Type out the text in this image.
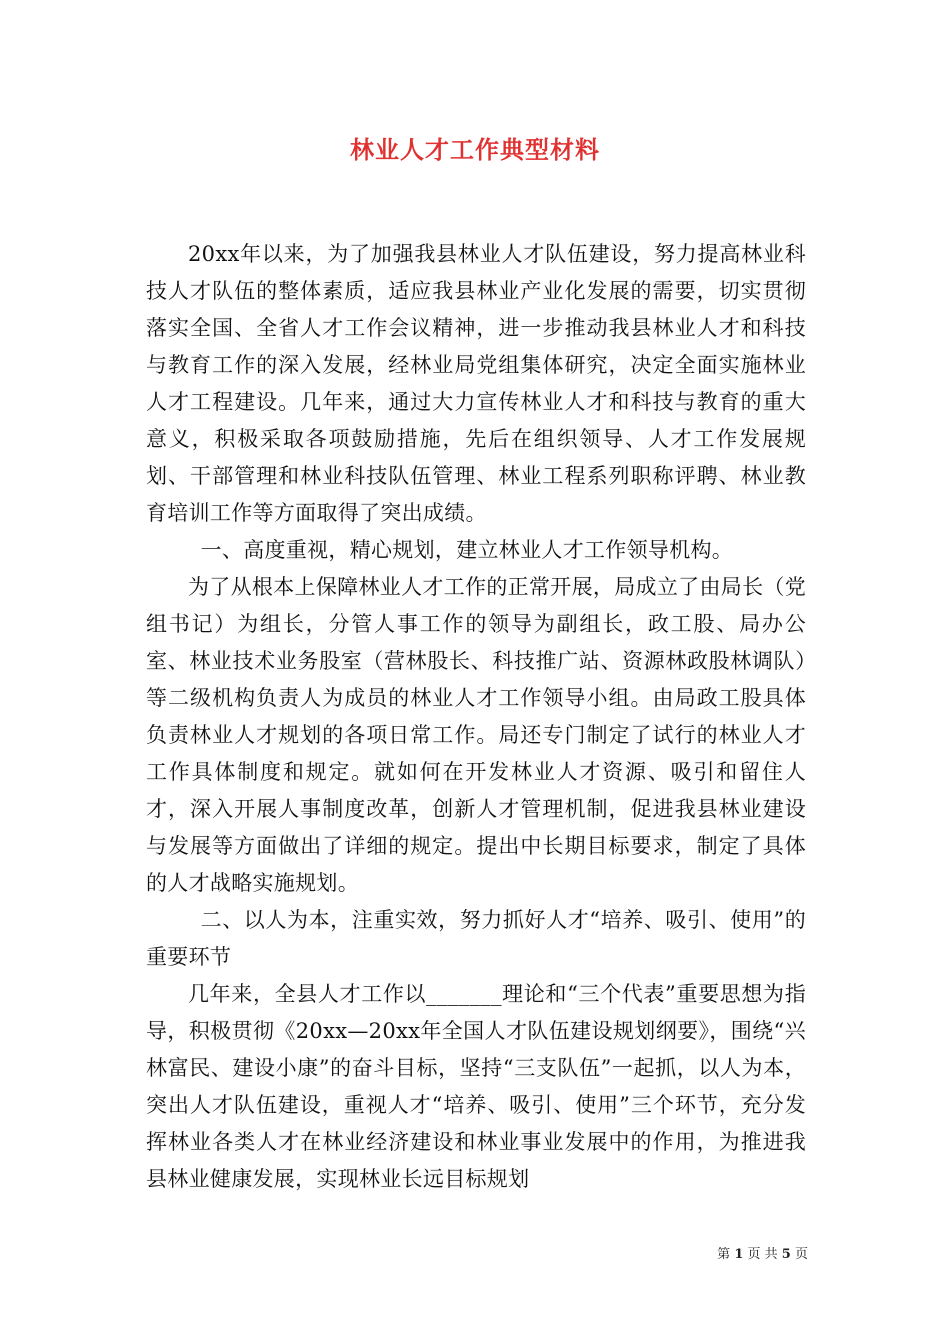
林业人才工作典型材料

20xx年以来，为了加强我县林业人才队伍建设，努力提高林业科技人才队伍的整体素质，适应我县林业产业化发展的需要，切实贯彻落实全国、全省人才工作会议精神，进一步推动我县林业人才和科技与教育工作的深入发展，经林业局党组集体研究，决定全面实施林业人才工程建设。几年来，通过大力宣传林业人才和科技与教育的重大意义，积极采取各项鼓励措施，先后在组织领导、人才工作发展规划、干部管理和林业科技队伍管理、林业工程系列职称评聘、林业教育培训工作等方面取得了突出成绩。

一、高度重视，精心规划，建立林业人才工作领导机构。

为了从根本上保障林业人才工作的正常开展，局成立了由局长（党组书记）为组长，分管人事工作的领导为副组长，政工股、局办公室、林业技术业务股室（营林股长、科技推广站、资源林政股林调队）等二级机构负责人为成员的林业人才工作领导小组。由局政工股具体负责林业人才规划的各项日常工作。局还专门制定了试行的林业人才工作具体制度和规定。就如何在开发林业人才资源、吸引和留住人才，深入开展人事制度改革，创新人才管理机制，促进我县林业建设与发展等方面做出了详细的规定。提出中长期目标要求，制定了具体的人才战略实施规划。

二、以人为本，注重实效，努力抓好人才“培养、吸引、使用”的重要环节

几年来，全县人才工作以_______理论和“三个代表”重要思想为指导，积极贯彻《20xx—20xx年全国人才队伍建设规划纲要》，围绕“兴林富民、建设小康”的奋斗目标，坚持“三支队伍”一起抓，以人为本，突出人才队伍建设，重视人才“培养、吸引、使用”三个环节，充分发挥林业各类人才在林业经济建设和林业事业发展中的作用，为推进我县林业健康发展，实现林业长远目标规划

第 1 页 共 5 页
